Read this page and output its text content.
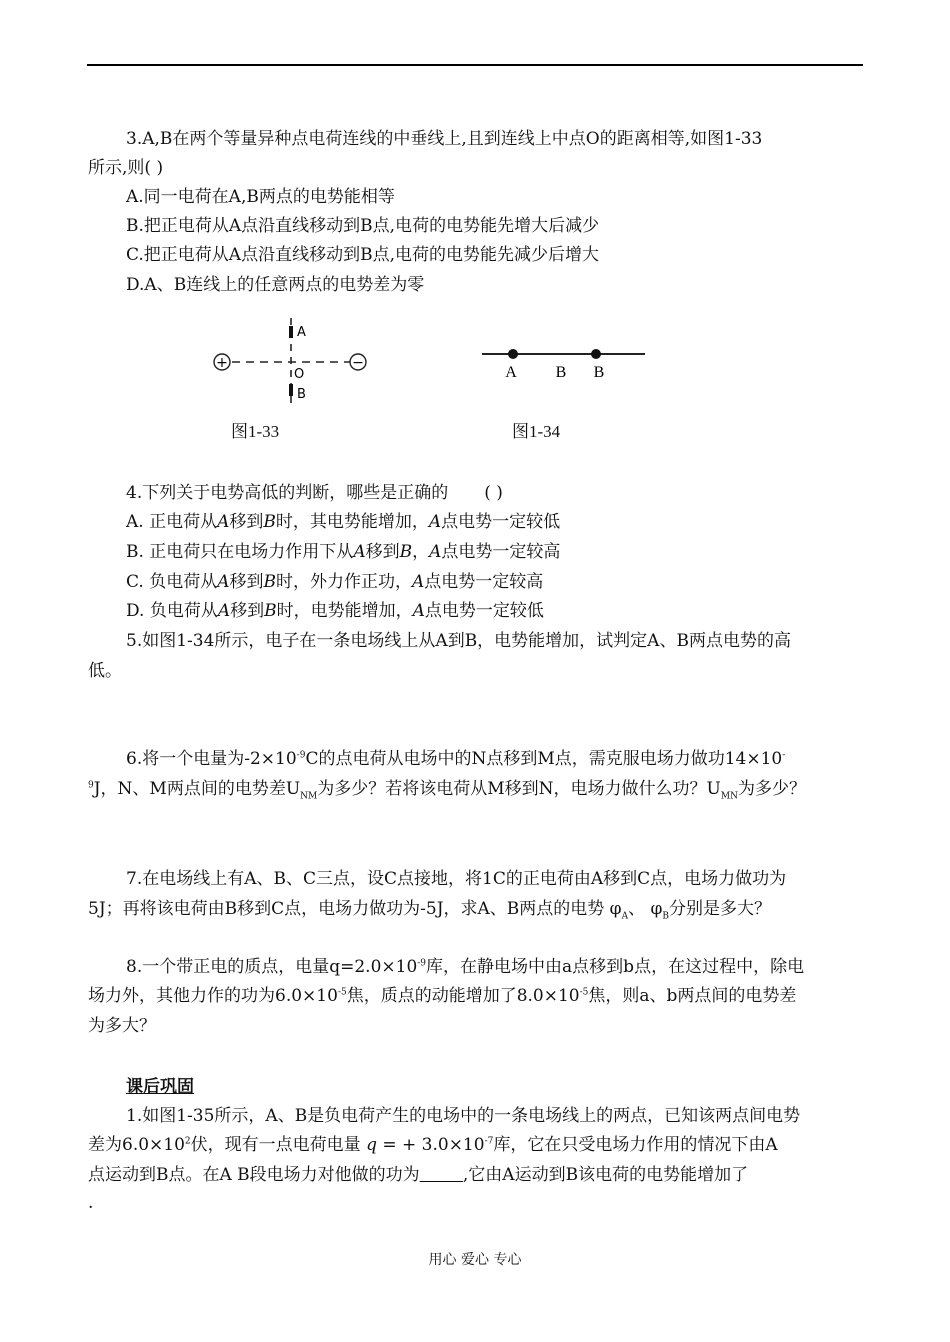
3.A,B在两个等量异种点电荷连线的中垂线上,且到连线上中点O的距离相等,如图1-33
所示,则( )
A.同一电荷在A,B两点的电势能相等
B.把正电荷从A点沿直线移动到B点,电荷的电势能先增大后减少
C.把正电荷从A点沿直线移动到B点,电荷的电势能先减少后增大
D.A、B连线上的任意两点的电势差为零
+	−
A
O
B
图1-33
A B B
图1-34
4.下列关于电势高低的判断，哪些是正确的 ( )
A. 正电荷从A移到B时，其电势能增加，A点电势一定较低
B. 正电荷只在电场力作用下从A移到B，A点电势一定较高
C. 负电荷从A移到B时，外力作正功，A点电势一定较高
D. 负电荷从A移到B时，电势能增加，A点电势一定较低
5.如图1-34所示，电子在一条电场线上从A到B，电势能增加，试判定A、B两点电势的高
低。
6.将一个电量为$-2\times 10^{-9}C$的点电荷从电场中的N点移到M点，需克服电场力做功14×10-
$^9$J，N、M两点间的电势差$U_{NM}$为多少？若将该电荷从M移到N，电场力做什么功？$U_{MN}$为多少？
7.在电场线上有A、B、C三点，设C点接地，将1C的正电荷由A移到C点，电场力做功为
5J；再将该电荷由B移到C点，电场力做功为-5J，求A、B两点的电势 $\varphi_A$、 $\varphi_B$分别是多大？
8.一个带正电的质点，电量$q=2.0\times 10^{-9}$库，在静电场中由a点移到b点，在这过程中，除电
场力外，其他力作的功为$6.0\times 10^{-5}$焦，质点的动能增加了$8.0\times 10^{-5}$焦，则a、b两点间的电势差
为多大？
课后巩固
1.如图1-35所示，A、B是负电荷产生的电场中的一条电场线上的两点，已知该两点间电势
差为$6.0\times 10^2$伏，现有一点电荷电量 q = + $3.0\times 10^{-7}$库，它在只受电场力作用的情况下由A
点运动到B点。在A B段电场力对他做的功为	,它由A运动到B该电荷的电势能增加了
.
用心 爱心 专心
